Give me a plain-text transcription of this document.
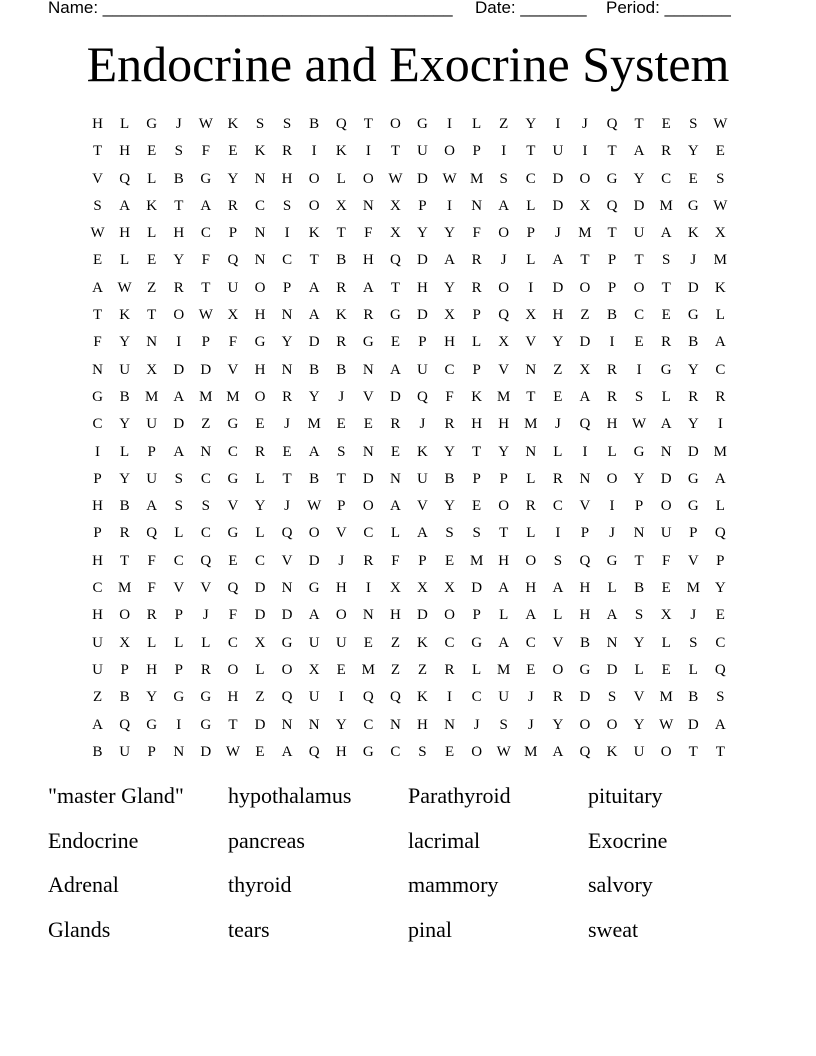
Name: _____________________________________ Date: _______ Period: _______
Endocrine and Exocrine System
H	L	G	J	W K	S	S	B	Q	T	O	G	I	L	Z	Y	I	J	Q	T	E	S	W
T	H	E	S	F	E	K	R	I	K	I	T	U	O	P	I	T	U	I	T	A	R	Y	E
V	Q	L	B	G	Y	N	H	O	L	O W D W M	S	C	D	O	G	Y	C	E	S
S	A	K	T	A	R	C	S	O	X	N	X	P	I	N	A	L	D	X	Q	D M G W
W H	L	H	C	P	N	I	K	T	F	X	Y	Y	F	O	P	J	M	T	U	A	K	X
E	L	E	Y	F	Q	N	C	T	B	H	Q	D	A	R	J	L	A	T	P	T	S	J	M
A W	Z	R	T	U	O	P	A	R	A	T	H	Y	R	O	I	D	O	P	O	T	D	K
T	K	T	O W X	H	N	A	K	R	G	D	X	P	Q	X	H	Z	B	C	E	G	L
F	Y	N	I	P	F	G	Y	D	R	G	E	P	H	L	X	V	Y	D	I	E	R	B	A
N	U	X	D	D	V	H	N	B	B	N	A	U	C	P	V	N	Z	X	R	I	G	Y	C
G	B	M A M M O	R	Y	J	V	D	Q	F	K M	T	E	A	R	S	L	R	R
C	Y	U	D	Z	G	E	J	M	E	E	R	J	R	H	H M	J	Q	H W A	Y	I
I	L	P	A	N	C	R	E	A	S	N	E	K	Y	T	Y	N	L	I	L	G	N	D M
P	Y	U	S	C	G	L	T	B	T	D	N	U	B	P	P	L	R	N	O	Y	D	G	A
H	B	A	S	S	V	Y	J	W	P	O	A	V	Y	E	O	R	C	V	I	P	O	G	L
P	R	Q	L	C	G	L	Q	O	V	C	L	A	S	S	T	L	I	P	J	N	U	P	Q
H	T	F	C	Q	E	C	V	D	J	R	F	P	E	M H	O	S	Q	G	T	F	V	P
C	M	F	V	V	Q	D	N	G	H	I	X	X	X	D	A	H	A	H	L	B	E	M Y
H	O	R	P	J	F	D	D	A	O	N	H	D	O	P	L	A	L	H	A	S	X	J	E
U	X	L	L	L	C	X	G	U	U	E	Z	K	C	G	A	C	V	B	N	Y	L	S	C
U	P	H	P	R	O	L	O	X	E	M	Z	Z	R	L	M	E	O	G	D	L	E	L	Q
Z	B	Y	G	G	H	Z	Q	U	I	Q	Q	K	I	C	U	J	R	D	S	V M	B	S
A	Q	G	I	G	T	D	N	N	Y	C	N	H	N	J	S	J	Y	O	O	Y W D	A
B	U	P	N	D W	E	A	Q	H	G	C	S	E	O W M A	Q	K	U	O	T	T
"master Gland"	hypothalamus	Parathyroid	pituitary
Endocrine	pancreas	lacrimal	Exocrine
Adrenal	thyroid	mammory	salvory
Glands	tears	pinal	sweat
